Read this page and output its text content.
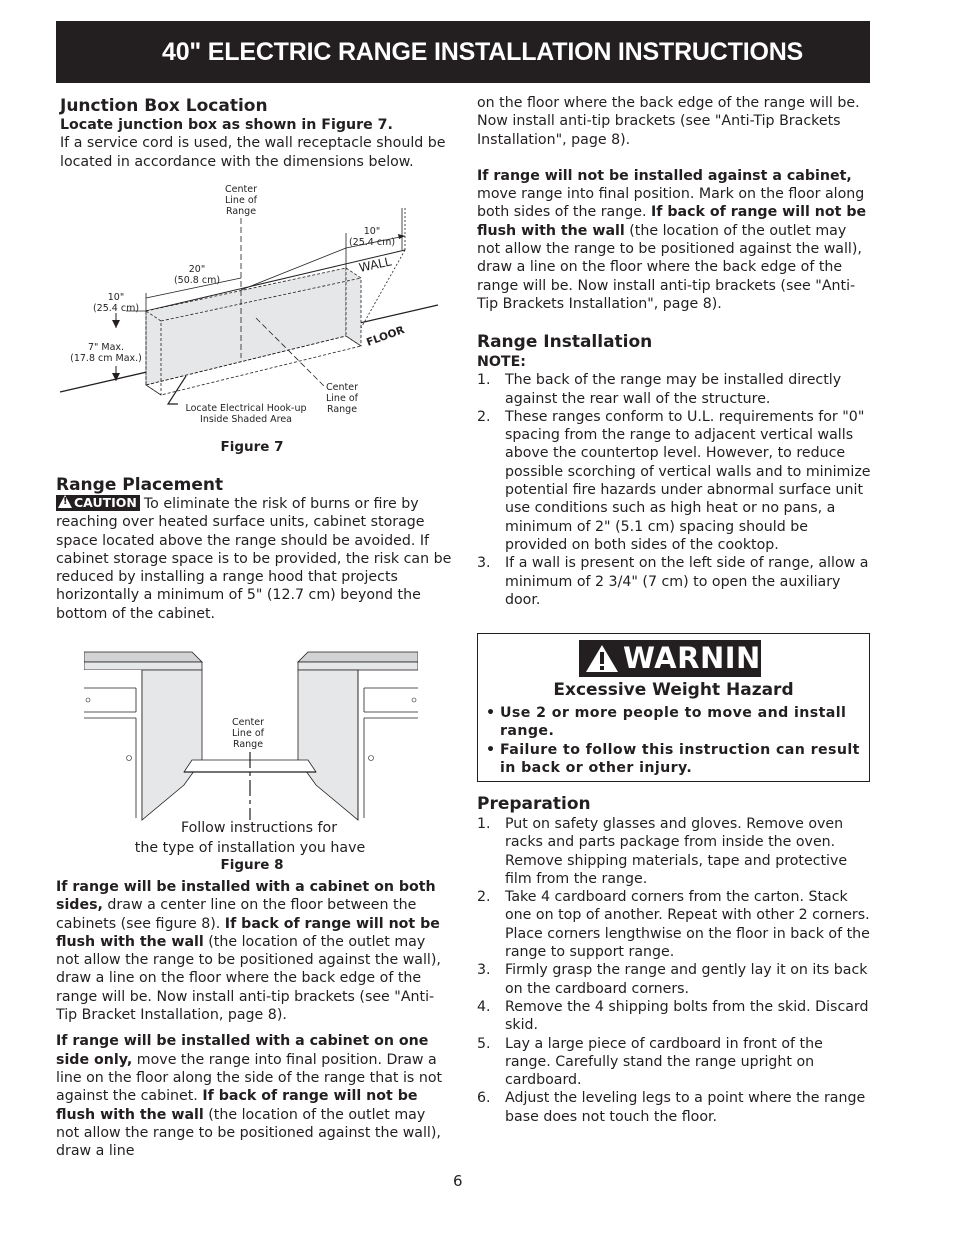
40" ELECTRIC RANGE INSTALLATION INSTRUCTIONS
Junction Box Location

Locate junction box as shown in Figure 7.

If a service cord is used, the wall receptacle should be located in accordance with the dimensions below.

Center
Line of
Range
10"
(25.4 cm)
20"
(50.8 cm)
10"
(25.4 cm)
7" Max.
(17.8 cm Max.)
WALL
FLOOR
Center
Line of
Range
Locate Electrical Hook-up
Inside Shaded Area
Figure 7
Range Placement

!CAUTION To eliminate the risk of burns or fire by reaching over heated surface units, cabinet storage space located above the range should be avoided. If cabinet storage space is to be provided, the risk can be reduced by installing a range hood that projects horizontally a minimum of 5" (12.7 cm) beyond the bottom of the cabinet.

Center
Line of
Range
Follow instructions for
the type of installation you have
Figure 8

If range will be installed with a cabinet on both sides, draw a center line on the floor between the cabinets (see figure 8). If back of range will not be flush with the wall (the location of the outlet may not allow the range to be positioned against the wall), draw a line on the floor where the back edge of the range will be. Now install anti-tip brackets (see "Anti-Tip Bracket Installation, page 8).

If range will be installed with a cabinet on one side only, move the range into final position. Draw a line on the floor along the side of the range that is not against the cabinet. If back of range will not be flush with the wall (the location of the outlet may not allow the range to be positioned against the wall), draw a line

on the floor where the back edge of the range will be. Now install anti-tip brackets (see "Anti-Tip Brackets Installation", page 8).

If range will not be installed against a cabinet, move range into final position. Mark on the floor along both sides of the range. If back of range will not be flush with the wall (the location of the outlet may not allow the range to be positioned against the wall), draw a line on the floor where the back edge of the range will be. Now install anti-tip brackets (see "Anti-Tip Brackets Installation", page 8).

Range Installation

NOTE:

1. The back of the range may be installed directly against the rear wall of the structure.
2. These ranges conform to U.L. requirements for "0" spacing from the range to adjacent vertical walls above the countertop level. However, to reduce possible scorching of vertical walls and to minimize potential fire hazards under abnormal surface unit use conditions such as high heat or no pans, a minimum of 2" (5.1 cm) spacing should be provided on both sides of the cooktop.
3. If a wall is present on the left side of range, allow a minimum of 2 3/4" (7 cm) to open the auxiliary door.
WARNING
Excessive Weight Hazard
• Use 2 or more people to move and install range.
• Failure to follow this instruction can result in back or other injury.
Preparation
1. Put on safety glasses and gloves. Remove oven racks and parts package from inside the oven. Remove shipping materials, tape and protective film from the range.
2. Take 4 cardboard corners from the carton. Stack one on top of another. Repeat with other 2 corners. Place corners lengthwise on the floor in back of the range to support range.
3. Firmly grasp the range and gently lay it on its back on the cardboard corners.
4. Remove the 4 shipping bolts from the skid. Discard skid.
5. Lay a large piece of cardboard in front of the range. Carefully stand the range upright on cardboard.
6. Adjust the leveling legs to a point where the range base does not touch the floor.
6
